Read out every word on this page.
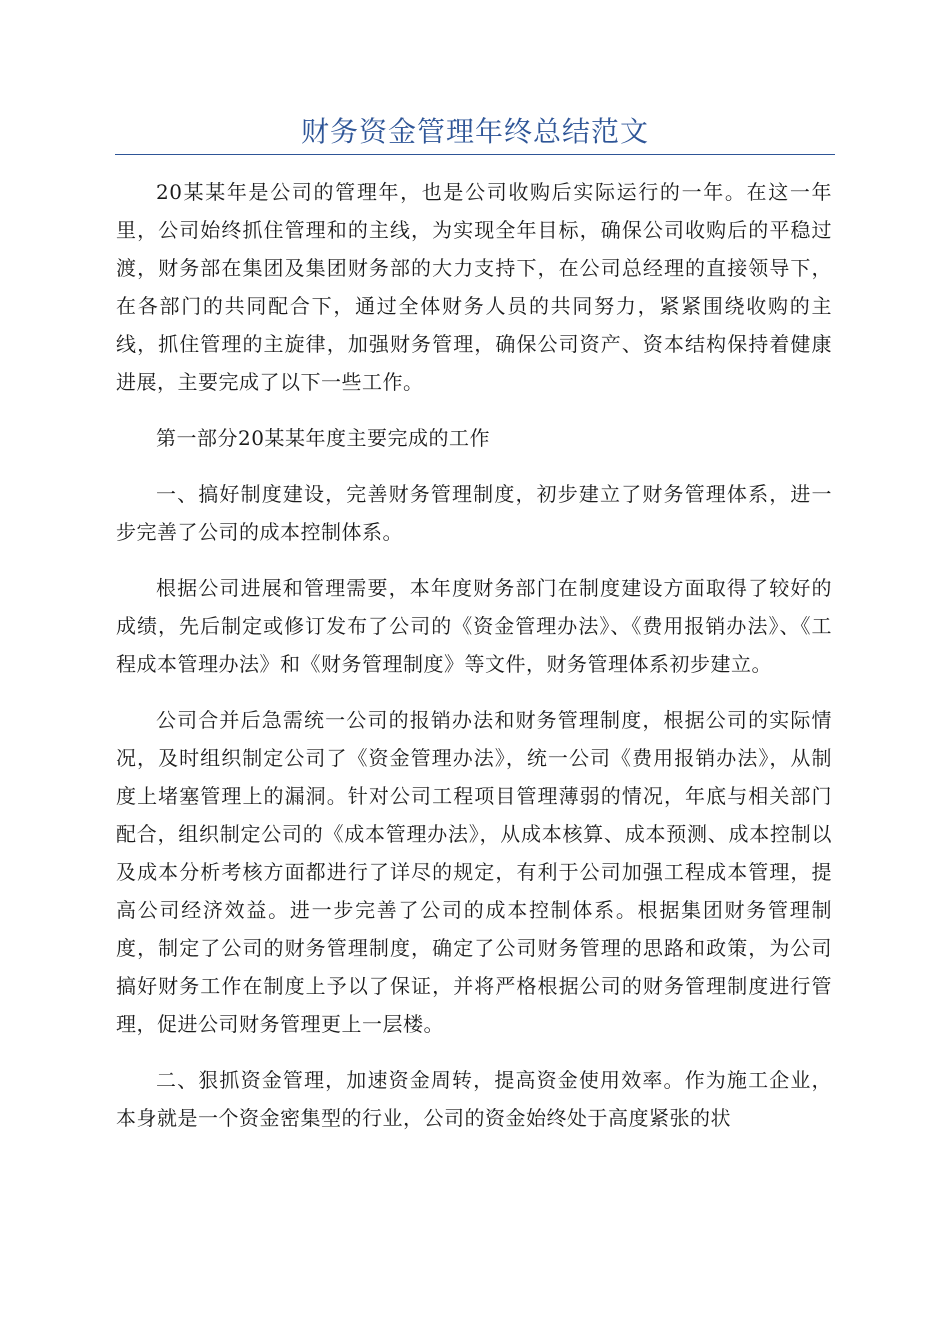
财务资金管理年终总结范文

20某某年是公司的管理年，也是公司收购后实际运行的一年。在这一年里，公司始终抓住管理和的主线，为实现全年目标，确保公司收购后的平稳过渡，财务部在集团及集团财务部的大力支持下，在公司总经理的直接领导下，在各部门的共同配合下，通过全体财务人员的共同努力，紧紧围绕收购的主线，抓住管理的主旋律，加强财务管理，确保公司资产、资本结构保持着健康进展，主要完成了以下一些工作。

第一部分20某某年度主要完成的工作

一、搞好制度建设，完善财务管理制度，初步建立了财务管理体系，进一步完善了公司的成本控制体系。

根据公司进展和管理需要，本年度财务部门在制度建设方面取得了较好的成绩，先后制定或修订发布了公司的《资金管理办法》、《费用报销办法》、《工程成本管理办法》和《财务管理制度》等文件，财务管理体系初步建立。

公司合并后急需统一公司的报销办法和财务管理制度，根据公司的实际情况，及时组织制定公司了《资金管理办法》，统一公司《费用报销办法》，从制度上堵塞管理上的漏洞。针对公司工程项目管理薄弱的情况，年底与相关部门配合，组织制定公司的《成本管理办法》，从成本核算、成本预测、成本控制以及成本分析考核方面都进行了详尽的规定，有利于公司加强工程成本管理，提高公司经济效益。进一步完善了公司的成本控制体系。根据集团财务管理制度，制定了公司的财务管理制度，确定了公司财务管理的思路和政策，为公司搞好财务工作在制度上予以了保证，并将严格根据公司的财务管理制度进行管理，促进公司财务管理更上一层楼。

二、狠抓资金管理，加速资金周转，提高资金使用效率。作为施工企业，本身就是一个资金密集型的行业，公司的资金始终处于高度紧张的状
